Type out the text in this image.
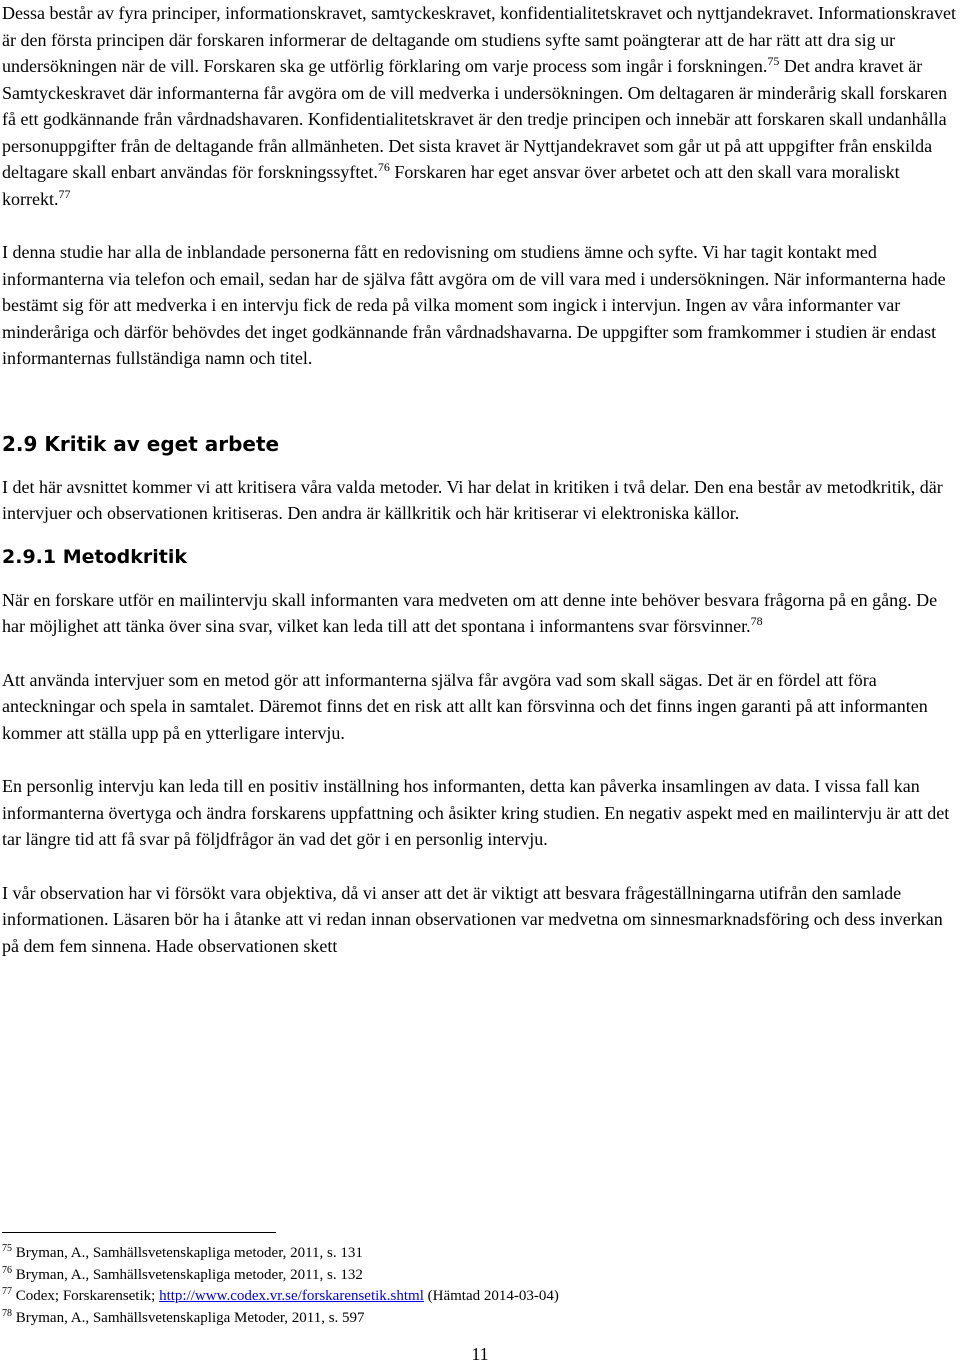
Dessa består av fyra principer, informationskravet, samtyckeskravet, konfidentialitetskravet och nyttjandekravet. Informationskravet är den första principen där forskaren informerar de deltagande om studiens syfte samt poängterar att de har rätt att dra sig ur undersökningen när de vill. Forskaren ska ge utförlig förklaring om varje process som ingår i forskningen.$^{75}$ Det andra kravet är Samtyckeskravet där informanterna får avgöra om de vill medverka i undersökningen. Om deltagaren är minderårig skall forskaren få ett godkännande från vårdnadshavaren. Konfidentialitetskravet är den tredje principen och innebär att forskaren skall undanhålla personuppgifter från de deltagande från allmänheten. Det sista kravet är Nyttjandekravet som går ut på att uppgifter från enskilda deltagare skall enbart användas för forskningssyftet.$^{76}$ Forskaren har eget ansvar över arbetet och att den skall vara moraliskt korrekt.$^{77}$

I denna studie har alla de inblandade personerna fått en redovisning om studiens ämne och syfte. Vi har tagit kontakt med informanterna via telefon och email, sedan har de själva fått avgöra om de vill vara med i undersökningen. När informanterna hade bestämt sig för att medverka i en intervju fick de reda på vilka moment som ingick i intervjun. Ingen av våra informanter var minderåriga och därför behövdes det inget godkännande från vårdnadshavarna. De uppgifter som framkommer i studien är endast informanternas fullständiga namn och titel.

2.9 Kritik av eget arbete

I det här avsnittet kommer vi att kritisera våra valda metoder. Vi har delat in kritiken i två delar. Den ena består av metodkritik, där intervjuer och observationen kritiseras. Den andra är källkritik och här kritiserar vi elektroniska källor.

2.9.1 Metodkritik

När en forskare utför en mailintervju skall informanten vara medveten om att denne inte behöver besvara frågorna på en gång. De har möjlighet att tänka över sina svar, vilket kan leda till att det spontana i informantens svar försvinner.$^{78}$

Att använda intervjuer som en metod gör att informanterna själva får avgöra vad som skall sägas. Det är en fördel att föra anteckningar och spela in samtalet. Däremot finns det en risk att allt kan försvinna och det finns ingen garanti på att informanten kommer att ställa upp på en ytterligare intervju.

En personlig intervju kan leda till en positiv inställning hos informanten, detta kan påverka insamlingen av data. I vissa fall kan informanterna övertyga och ändra forskarens uppfattning och åsikter kring studien. En negativ aspekt med en mailintervju är att det tar längre tid att få svar på följdfrågor än vad det gör i en personlig intervju.

I vår observation har vi försökt vara objektiva, då vi anser att det är viktigt att besvara frågeställningarna utifrån den samlade informationen. Läsaren bör ha i åtanke att vi redan innan observationen var medvetna om sinnesmarknadsföring och dess inverkan på dem fem sinnena. Hade observationen skett

$^{75}$ Bryman, A., Samhällsvetenskapliga metoder, 2011, s. 131
$^{76}$ Bryman, A., Samhällsvetenskapliga metoder, 2011, s. 132
$^{77}$ Codex; Forskarensetik; http://www.codex.vr.se/forskarensetik.shtml (Hämtad 2014-03-04)
$^{78}$ Bryman, A., Samhällsvetenskapliga Metoder, 2011, s. 597
11
